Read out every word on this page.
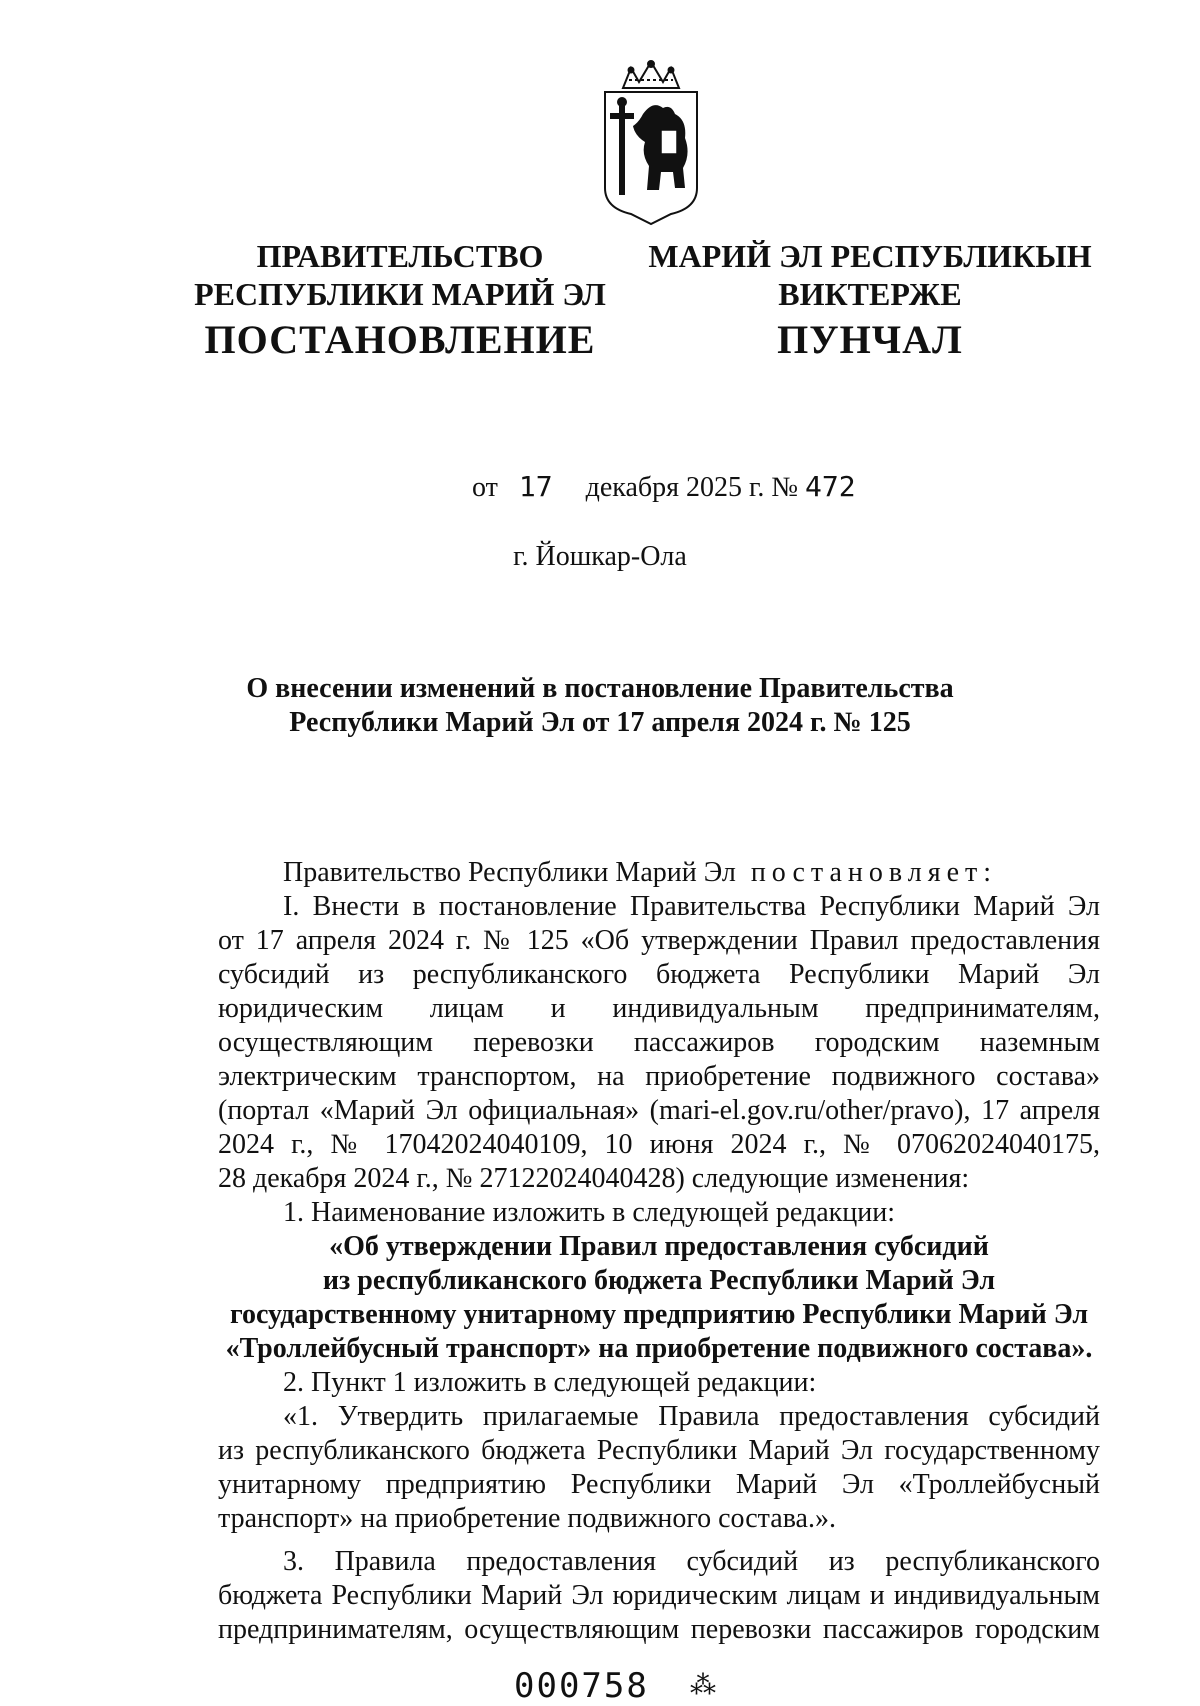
ПРАВИТЕЛЬСТВО
РЕСПУБЛИКИ МАРИЙ ЭЛ
ПОСТАНОВЛЕНИЕ
МАРИЙ ЭЛ РЕСПУБЛИКЫН
ВИКТЕРЖЕ
ПУНЧАЛ
от 17 декабря 2025 г. № 472
г. Йошкар-Ола
О внесении изменений в постановление Правительства
Республики Марий Эл от 17 апреля 2024 г. № 125
Правительство Республики Марий Эл постановляет:
I. Внести в постановление Правительства Республики Марий Эл
от 17 апреля 2024 г. № 125 «Об утверждении Правил предоставления
субсидий из республиканского бюджета Республики Марий Эл
юридическим лицам и индивидуальным предпринимателям,
осуществляющим перевозки пассажиров городским наземным
электрическим транспортом, на приобретение подвижного состава»
(портал «Марий Эл официальная» (mari-el.gov.ru/other/pravo), 17 апреля
2024 г., № 17042024040109, 10 июня 2024 г., № 07062024040175,
28 декабря 2024 г., № 27122024040428) следующие изменения:
1. Наименование изложить в следующей редакции:
«Об утверждении Правил предоставления субсидий
из республиканского бюджета Республики Марий Эл
государственному унитарному предприятию Республики Марий Эл
«Троллейбусный транспорт» на приобретение подвижного состава».
2. Пункт 1 изложить в следующей редакции:
«1. Утвердить прилагаемые Правила предоставления субсидий
из республиканского бюджета Республики Марий Эл государственному
унитарному предприятию Республики Марий Эл «Троллейбусный
транспорт» на приобретение подвижного состава.».
3. Правила предоставления субсидий из республиканского
бюджета Республики Марий Эл юридическим лицам и индивидуальным
предпринимателям, осуществляющим перевозки пассажиров городским
000758 ⁂
